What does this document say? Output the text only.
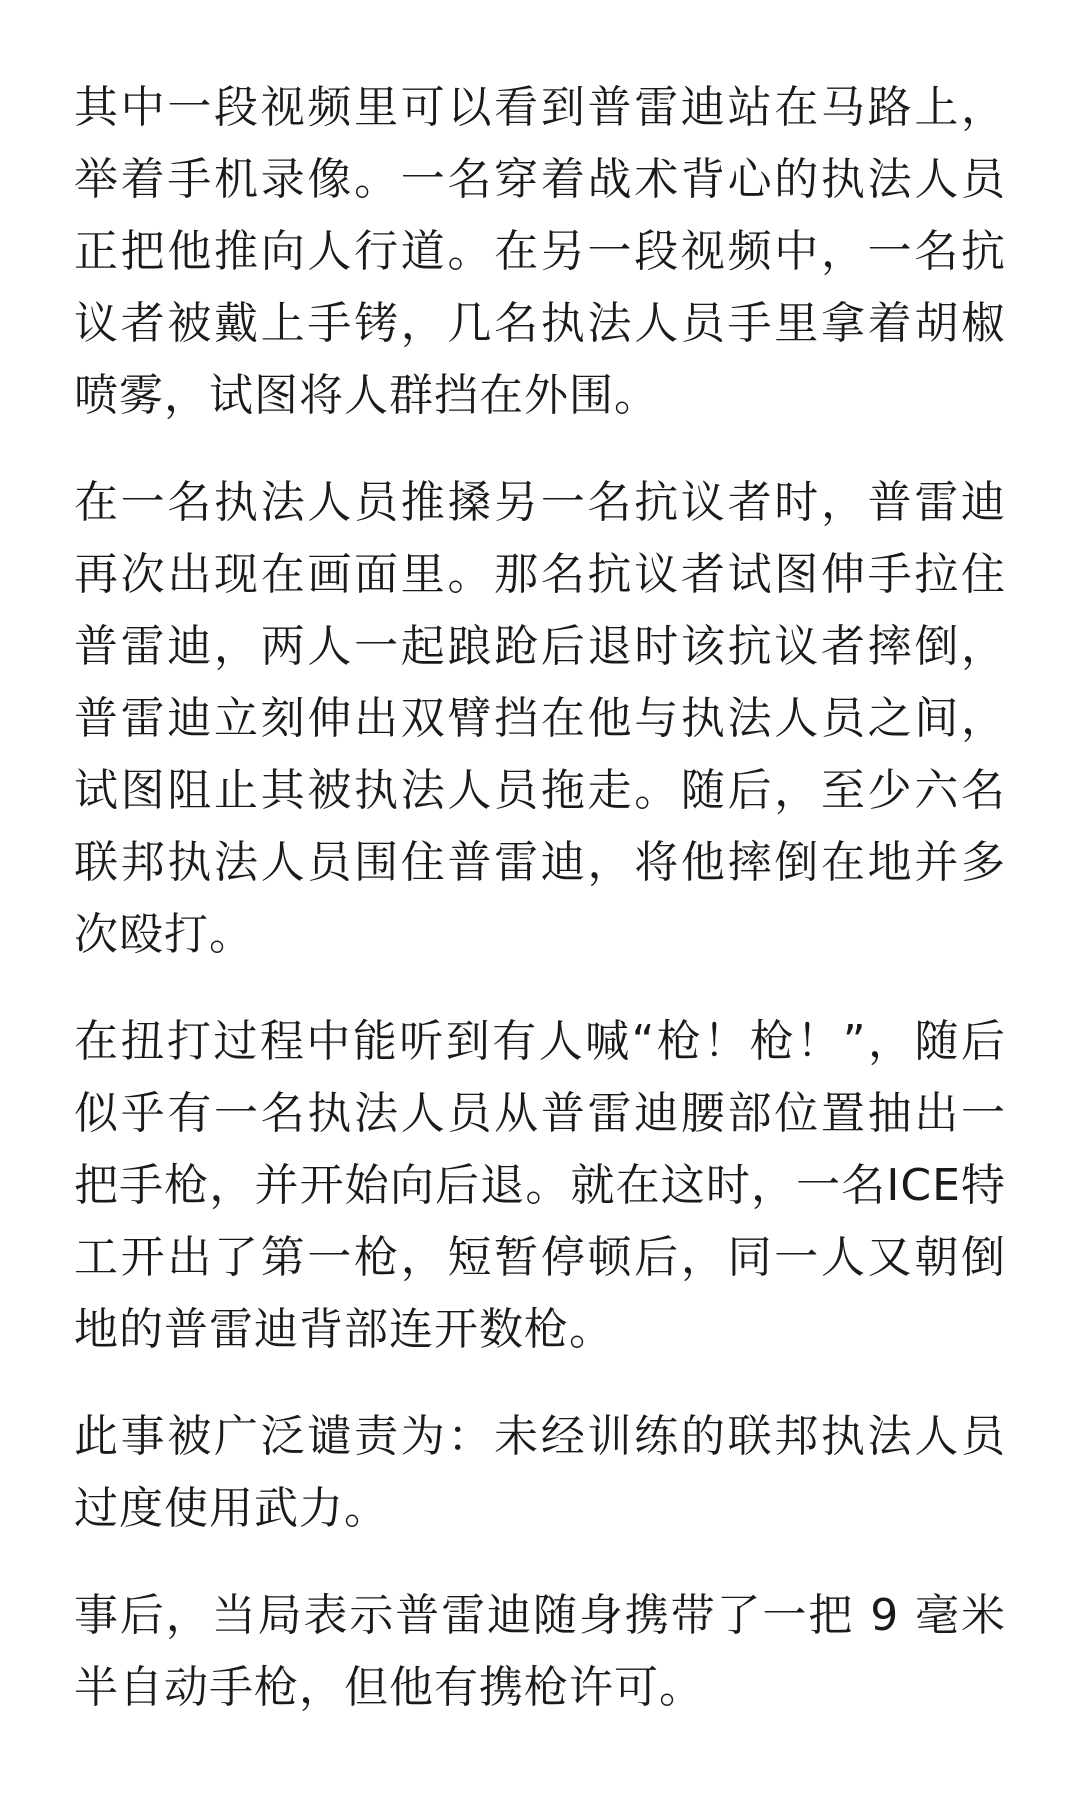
其中一段视频里可以看到普雷迪站在马路上，举着手机录像。一名穿着战术背心的执法人员正把他推向人行道。在另一段视频中，一名抗议者被戴上手铐，几名执法人员手里拿着胡椒喷雾，试图将人群挡在外围。

在一名执法人员推搡另一名抗议者时，普雷迪再次出现在画面里。那名抗议者试图伸手拉住普雷迪，两人一起踉跄后退时该抗议者摔倒，普雷迪立刻伸出双臂挡在他与执法人员之间，试图阻止其被执法人员拖走。随后，至少六名联邦执法人员围住普雷迪，将他摔倒在地并多次殴打。

在扭打过程中能听到有人喊“枪！枪！”，随后似乎有一名执法人员从普雷迪腰部位置抽出一把手枪，并开始向后退。就在这时，一名ICE特工开出了第一枪，短暂停顿后，同一人又朝倒地的普雷迪背部连开数枪。

此事被广泛谴责为：未经训练的联邦执法人员过度使用武力。

事后，当局表示普雷迪随身携带了一把 9 毫米半自动手枪，但他有携枪许可。
